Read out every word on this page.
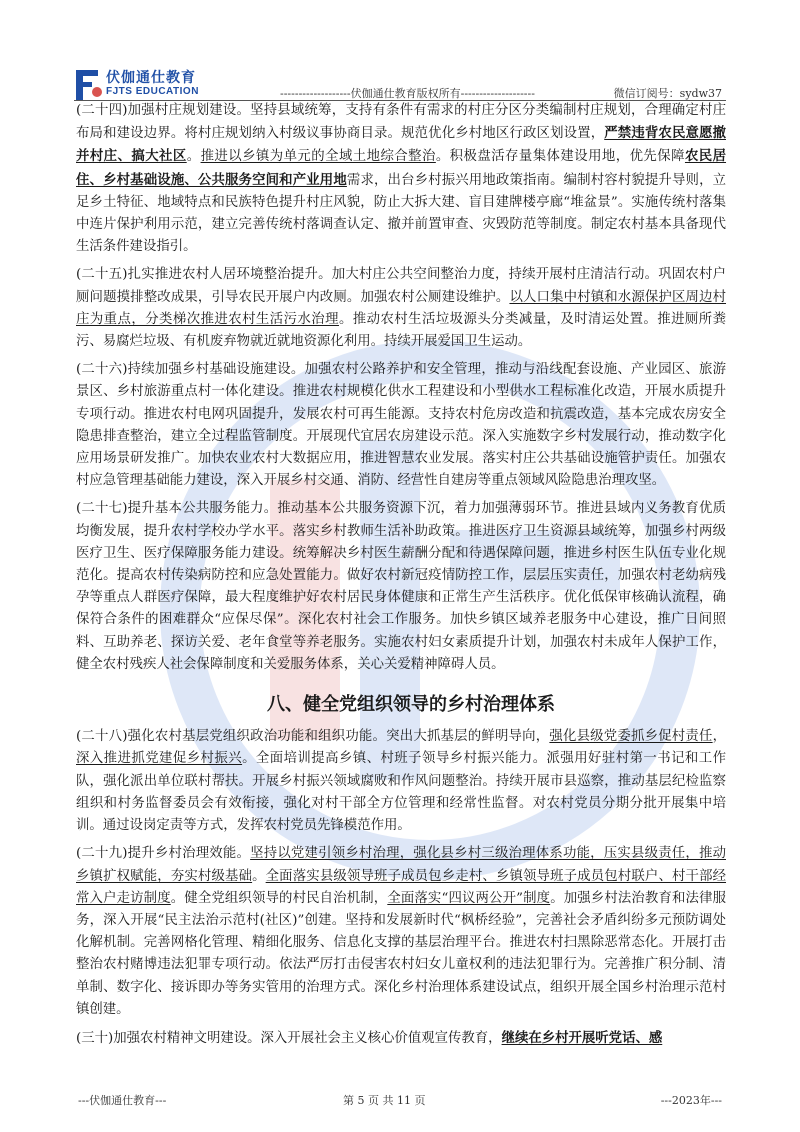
伏伽通仕教育
FJTS EDUCATION	-------------------伏伽通仕教育版权所有--------------------	微信订阅号：sydw37

(二十四)加强村庄规划建设。坚持县域统筹，支持有条件有需求的村庄分区分类编制村庄规划，合理确定村庄布局和建设边界。将村庄规划纳入村级议事协商目录。规范优化乡村地区行政区划设置，严禁违背农民意愿撤并村庄、搞大社区。推进以乡镇为单元的全域土地综合整治。积极盘活存量集体建设用地，优先保障农民居住、乡村基础设施、公共服务空间和产业用地需求，出台乡村振兴用地政策指南。编制村容村貌提升导则，立足乡土特征、地域特点和民族特色提升村庄风貌，防止大拆大建、盲目建牌楼亭廊“堆盆景”。实施传统村落集中连片保护利用示范，建立完善传统村落调查认定、撤并前置审查、灾毁防范等制度。制定农村基本具备现代生活条件建设指引。

(二十五)扎实推进农村人居环境整治提升。加大村庄公共空间整治力度，持续开展村庄清洁行动。巩固农村户厕问题摸排整改成果，引导农民开展户内改厕。加强农村公厕建设维护。以人口集中村镇和水源保护区周边村庄为重点，分类梯次推进农村生活污水治理。推动农村生活垃圾源头分类减量，及时清运处置。推进厕所粪污、易腐烂垃圾、有机废弃物就近就地资源化利用。持续开展爱国卫生运动。

(二十六)持续加强乡村基础设施建设。加强农村公路养护和安全管理，推动与沿线配套设施、产业园区、旅游景区、乡村旅游重点村一体化建设。推进农村规模化供水工程建设和小型供水工程标准化改造，开展水质提升专项行动。推进农村电网巩固提升，发展农村可再生能源。支持农村危房改造和抗震改造，基本完成农房安全隐患排查整治，建立全过程监管制度。开展现代宜居农房建设示范。深入实施数字乡村发展行动，推动数字化应用场景研发推广。加快农业农村大数据应用，推进智慧农业发展。落实村庄公共基础设施管护责任。加强农村应急管理基础能力建设，深入开展乡村交通、消防、经营性自建房等重点领域风险隐患治理攻坚。

(二十七)提升基本公共服务能力。推动基本公共服务资源下沉，着力加强薄弱环节。推进县域内义务教育优质均衡发展，提升农村学校办学水平。落实乡村教师生活补助政策。推进医疗卫生资源县域统筹，加强乡村两级医疗卫生、医疗保障服务能力建设。统筹解决乡村医生薪酬分配和待遇保障问题，推进乡村医生队伍专业化规范化。提高农村传染病防控和应急处置能力。做好农村新冠疫情防控工作，层层压实责任，加强农村老幼病残孕等重点人群医疗保障，最大程度维护好农村居民身体健康和正常生产生活秩序。优化低保审核确认流程，确保符合条件的困难群众“应保尽保”。深化农村社会工作服务。加快乡镇区域养老服务中心建设，推广日间照料、互助养老、探访关爱、老年食堂等养老服务。实施农村妇女素质提升计划，加强农村未成年人保护工作，健全农村残疾人社会保障制度和关爱服务体系，关心关爱精神障碍人员。

八、健全党组织领导的乡村治理体系

(二十八)强化农村基层党组织政治功能和组织功能。突出大抓基层的鲜明导向，强化县级党委抓乡促村责任，深入推进抓党建促乡村振兴。全面培训提高乡镇、村班子领导乡村振兴能力。派强用好驻村第一书记和工作队，强化派出单位联村帮扶。开展乡村振兴领域腐败和作风问题整治。持续开展市县巡察，推动基层纪检监察组织和村务监督委员会有效衔接，强化对村干部全方位管理和经常性监督。对农村党员分期分批开展集中培训。通过设岗定责等方式，发挥农村党员先锋模范作用。

(二十九)提升乡村治理效能。坚持以党建引领乡村治理，强化县乡村三级治理体系功能，压实县级责任，推动乡镇扩权赋能，夯实村级基础。全面落实县级领导班子成员包乡走村、乡镇领导班子成员包村联户、村干部经常入户走访制度。健全党组织领导的村民自治机制，全面落实“四议两公开”制度。加强乡村法治教育和法律服务，深入开展“民主法治示范村(社区)”创建。坚持和发展新时代“枫桥经验”，完善社会矛盾纠纷多元预防调处化解机制。完善网格化管理、精细化服务、信息化支撑的基层治理平台。推进农村扫黑除恶常态化。开展打击整治农村赌博违法犯罪专项行动。依法严厉打击侵害农村妇女儿童权利的违法犯罪行为。完善推广积分制、清单制、数字化、接诉即办等务实管用的治理方式。深化乡村治理体系建设试点，组织开展全国乡村治理示范村镇创建。

(三十)加强农村精神文明建设。深入开展社会主义核心价值观宣传教育，继续在乡村开展听党话、感

---伏伽通仕教育---	第 5 页 共 11 页	---2023年---
